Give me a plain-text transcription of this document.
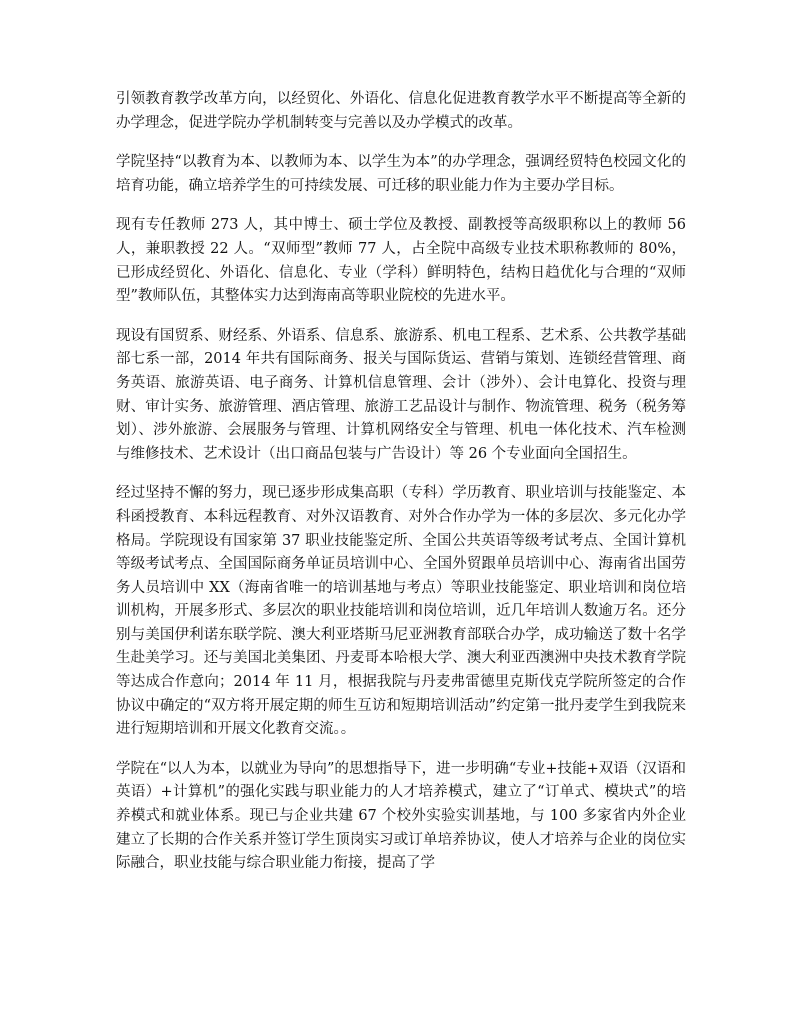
引领教育教学改革方向，以经贸化、外语化、信息化促进教育教学水平不断提高等全新的办学理念，促进学院办学机制转变与完善以及办学模式的改革。

学院坚持“以教育为本、以教师为本、以学生为本”的办学理念，强调经贸特色校园文化的培育功能，确立培养学生的可持续发展、可迁移的职业能力作为主要办学目标。

现有专任教师 273 人，其中博士、硕士学位及教授、副教授等高级职称以上的教师 56 人，兼职教授 22 人。“双师型”教师 77 人，占全院中高级专业技术职称教师的 80%，已形成经贸化、外语化、信息化、专业（学科）鲜明特色，结构日趋优化与合理的“双师型”教师队伍，其整体实力达到海南高等职业院校的先进水平。

现设有国贸系、财经系、外语系、信息系、旅游系、机电工程系、艺术系、公共教学基础部七系一部，2014 年共有国际商务、报关与国际货运、营销与策划、连锁经营管理、商务英语、旅游英语、电子商务、计算机信息管理、会计（涉外）、会计电算化、投资与理财、审计实务、旅游管理、酒店管理、旅游工艺品设计与制作、物流管理、税务（税务筹划）、涉外旅游、会展服务与管理、计算机网络安全与管理、机电一体化技术、汽车检测与维修技术、艺术设计（出口商品包装与广告设计）等 26 个专业面向全国招生。

经过坚持不懈的努力，现已逐步形成集高职（专科）学历教育、职业培训与技能鉴定、本科函授教育、本科远程教育、对外汉语教育、对外合作办学为一体的多层次、多元化办学格局。学院现设有国家第 37 职业技能鉴定所、全国公共英语等级考试考点、全国计算机等级考试考点、全国国际商务单证员培训中心、全国外贸跟单员培训中心、海南省出国劳务人员培训中 XX（海南省唯一的培训基地与考点）等职业技能鉴定、职业培训和岗位培训机构，开展多形式、多层次的职业技能培训和岗位培训，近几年培训人数逾万名。还分别与美国伊利诺东联学院、澳大利亚塔斯马尼亚洲教育部联合办学，成功输送了数十名学生赴美学习。还与美国北美集团、丹麦哥本哈根大学、澳大利亚西澳洲中央技术教育学院等达成合作意向；2014 年 11 月，根据我院与丹麦弗雷德里克斯伐克学院所签定的合作协议中确定的“双方将开展定期的师生互访和短期培训活动”约定第一批丹麦学生到我院来进行短期培训和开展文化教育交流。。

学院在“以人为本，以就业为导向”的思想指导下，进一步明确“专业+技能+双语（汉语和英语）+计算机”的强化实践与职业能力的人才培养模式，建立了“订单式、模块式”的培养模式和就业体系。现已与企业共建 67 个校外实验实训基地，与 100 多家省内外企业建立了长期的合作关系并签订学生顶岗实习或订单培养协议，使人才培养与企业的岗位实际融合，职业技能与综合职业能力衔接，提高了学
